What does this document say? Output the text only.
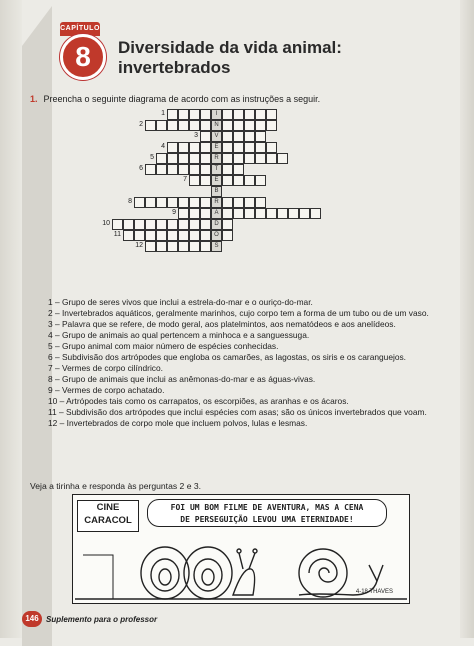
CAPÍTULO
8	Diversidade da vida animal:
invertebrados
1. Preencha o seguinte diagrama de acordo com as instruções a seguir.
1	I
2	N
3	V
4	E
5	R
6	T
7	E
B
8	R
9	A
10	D
11	O
12	S
1 – Grupo de seres vivos que inclui a estrela-do-mar e o ouriço-do-mar.
2 – Invertebrados aquáticos, geralmente marinhos, cujo corpo tem a forma de um tubo ou de um vaso.
3 – Palavra que se refere, de modo geral, aos platelmintos, aos nematódeos e aos anelídeos.
4 – Grupo de animais ao qual pertencem a minhoca e a sanguessuga.
5 – Grupo animal com maior número de espécies conhecidas.
6 – Subdivisão dos artrópodes que engloba os camarões, as lagostas, os siris e os caranguejos.
7 – Vermes de corpo cilíndrico.
8 – Grupo de animais que inclui as anêmonas-do-mar e as águas-vivas.
9 – Vermes de corpo achatado.
10 – Artrópodes tais como os carrapatos, os escorpiões, as aranhas e os ácaros.
11 – Subdivisão dos artrópodes que inclui espécies com asas; são os únicos invertebrados que voam.
12 – Invertebrados de corpo mole que incluem polvos, lulas e lesmas.
Veja a tirinha e responda às perguntas 2 e 3.
CINE
CARACOL
FOI UM BOM FILME DE AVENTURA, MAS A CENA
DE PERSEGUIÇÃO LEVOU UMA ETERNIDADE!
4-18 THAVES
146 Suplemento para o professor
